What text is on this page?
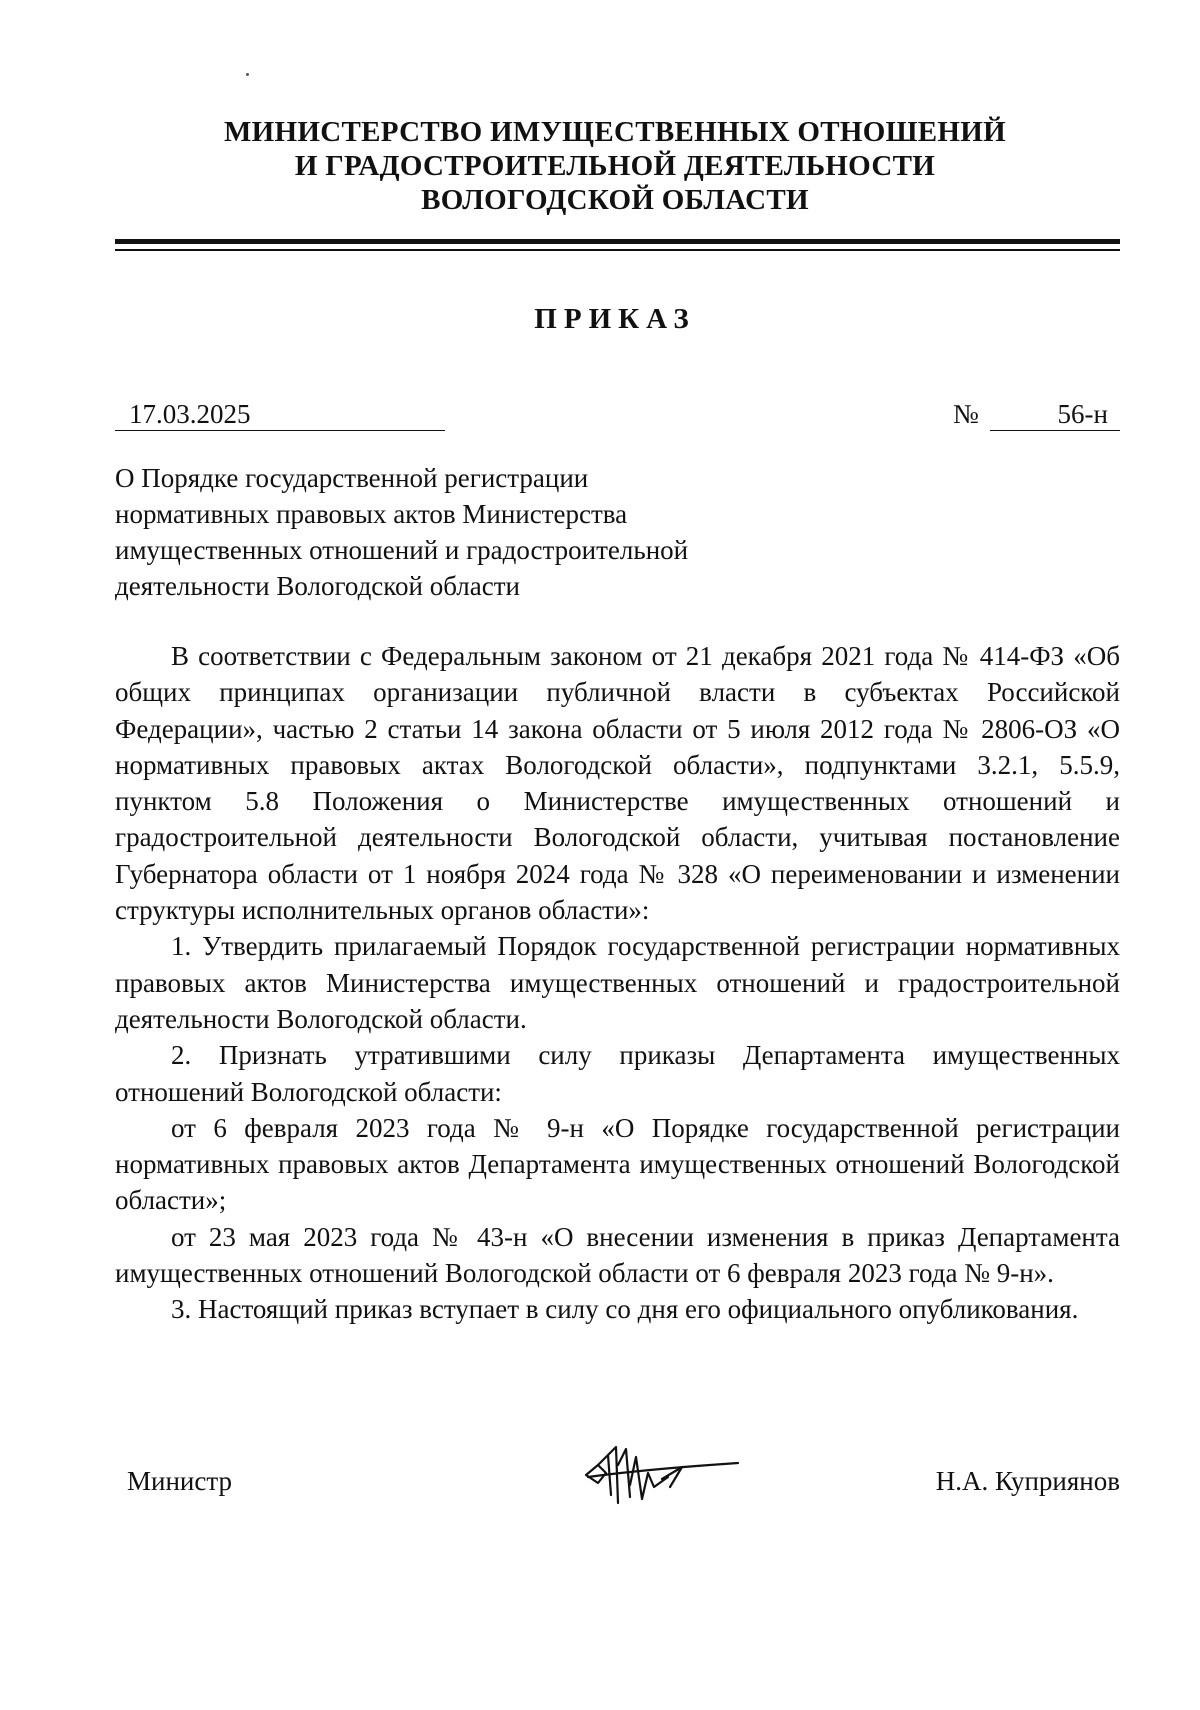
МИНИСТЕРСТВО ИМУЩЕСТВЕННЫХ ОТНОШЕНИЙ
И ГРАДОСТРОИТЕЛЬНОЙ ДЕЯТЕЛЬНОСТИ
ВОЛОГОДСКОЙ ОБЛАСТИ
ПРИКАЗ
17.03.2025	№	56-н
О Порядке государственной регистрации
нормативных правовых актов Министерства
имущественных отношений и градостроительной
деятельности Вологодской области

В соответствии с Федеральным законом от 21 декабря 2021 года № 414-ФЗ «Об общих принципах организации публичной власти в субъектах Российской Федерации», частью 2 статьи 14 закона области от 5 июля 2012 года № 2806-ОЗ «О нормативных правовых актах Вологодской области», подпунктами 3.2.1, 5.5.9, пунктом 5.8 Положения о Министерстве имущественных отношений и градостроительной деятельности Вологодской области, учитывая постановление Губернатора области от 1 ноября 2024 года № 328 «О переименовании и изменении структуры исполнительных органов области»:

1. Утвердить прилагаемый Порядок государственной регистрации нормативных правовых актов Министерства имущественных отношений и градостроительной деятельности Вологодской области.

2. Признать утратившими силу приказы Департамента имущественных отношений Вологодской области:

от 6 февраля 2023 года № 9-н «О Порядке государственной регистрации нормативных правовых актов Департамента имущественных отношений Вологодской области»;

от 23 мая 2023 года № 43-н «О внесении изменения в приказ Департамента имущественных отношений Вологодской области от 6 февраля 2023 года № 9-н».

3. Настоящий приказ вступает в силу со дня его официального опубликования.

Министр	Н.А. Куприянов
